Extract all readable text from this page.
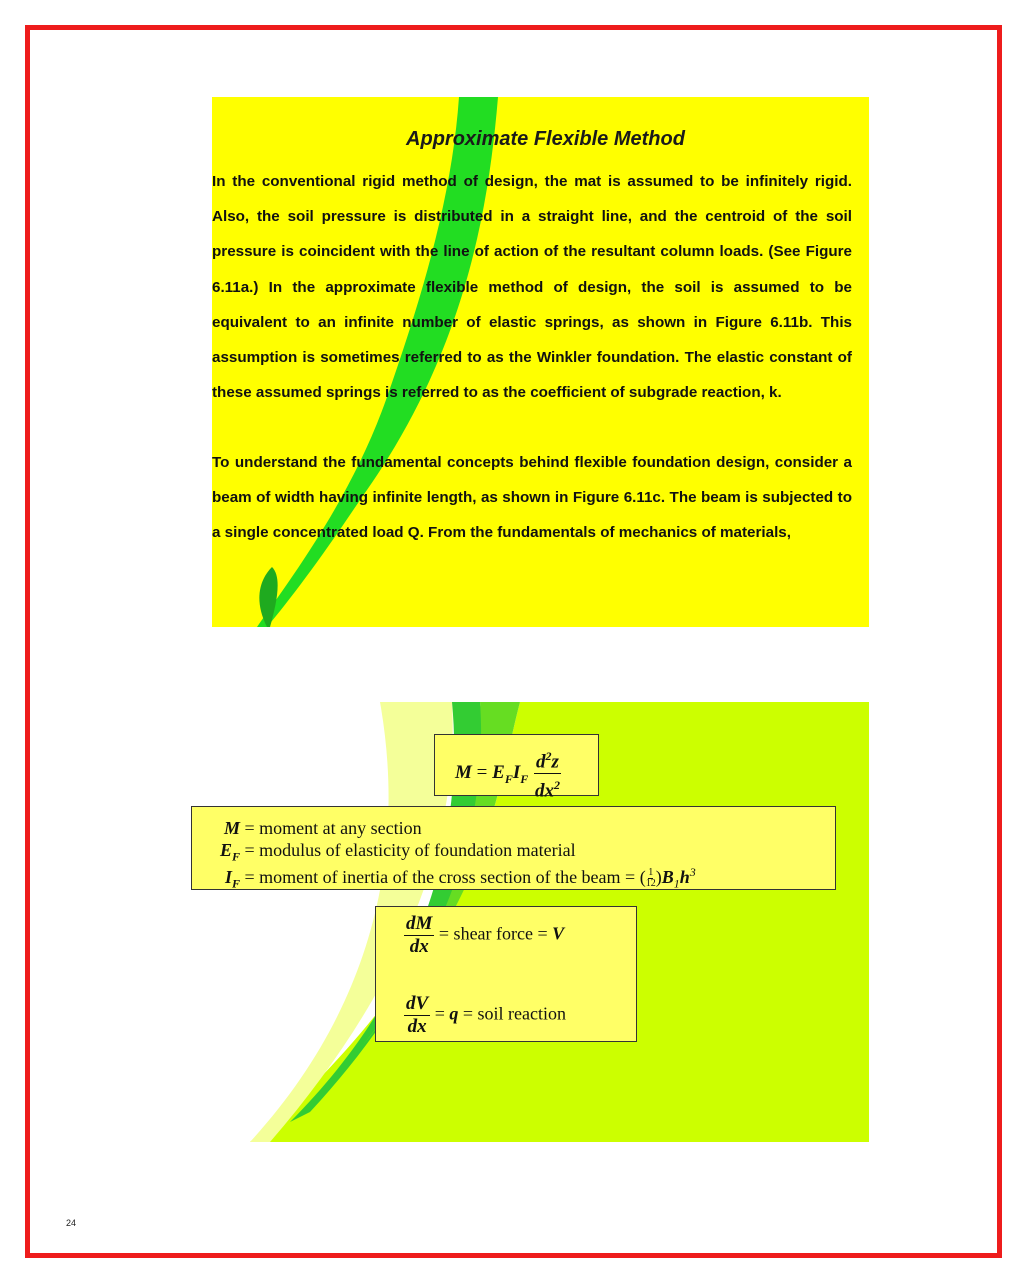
Approximate Flexible Method
In the conventional rigid method of design, the mat is assumed to be infinitely rigid. Also, the soil pressure is distributed in a straight line, and the centroid of the soil pressure is coincident with the line of action of the resultant column loads. (See Figure 6.11a.) In the approximate flexible method of design, the soil is assumed to be equivalent to an infinite number of elastic springs, as shown in Figure 6.11b. This assumption is sometimes referred to as the Winkler foundation. The elastic constant of these assumed springs is referred to as the coefficient of subgrade reaction, k.
To understand the fundamental concepts behind flexible foundation design, consider a beam of width having infinite length, as shown in Figure 6.11c. The beam is subjected to a single concentrated load Q. From the fundamentals of mechanics of materials,
$M = E_FI_F \frac{d^2z}{dx^2}$
M = moment at any section
$E_F$ = modulus of elasticity of foundation material
$I_F$ = moment of inertia of the cross section of the beam = ( $\frac{1}{12} )B_1h^3$
$\frac{dM}{dx}$ = shear force = V
$\frac{dV}{dx} = q$ = soil reaction
24
